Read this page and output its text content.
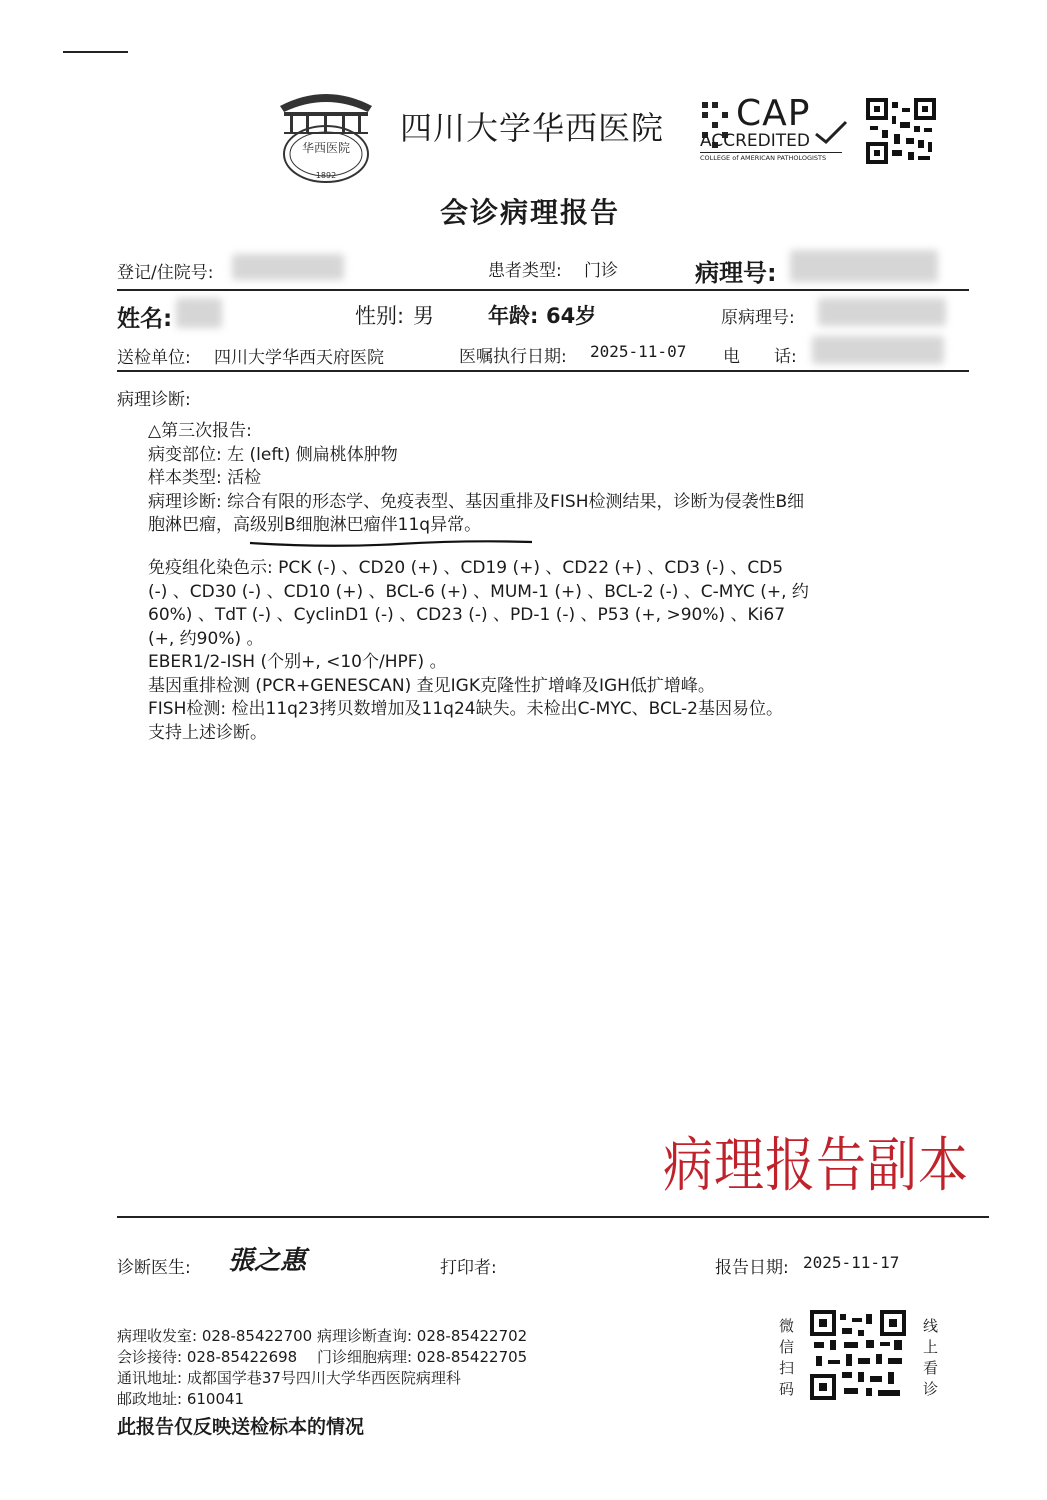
华西医院
1892
四川大学华西医院 CAP
ACCREDITED
COLLEGE of AMERICAN PATHOLOGISTS
会诊病理报告
登记/住院号:	患者类型: 门诊	病理号:
姓名:	性别: 男	年龄: 64岁	原病理号:
送检单位: 四川大学华西天府医院	医嘱执行日期: 2025-11-07 电　　话:
病理诊断:
△第三次报告:
病变部位: 左 (left) 侧扁桃体肿物
样本类型: 活检
病理诊断: 综合有限的形态学、免疫表型、基因重排及FISH检测结果，诊断为侵袭性B细
胞淋巴瘤，高级别B细胞淋巴瘤伴11q异常。
免疫组化染色示: PCK (-) 、CD20 (+) 、CD19 (+) 、CD22 (+) 、CD3 (-) 、CD5
(-) 、CD30 (-) 、CD10 (+) 、BCL-6 (+) 、MUM-1 (+) 、BCL-2 (-) 、C-MYC (+, 约
60%) 、TdT (-) 、CyclinD1 (-) 、CD23 (-) 、PD-1 (-) 、P53 (+, >90%) 、Ki67
(+, 约90%) 。
EBER1/2-ISH (个别+, <10个/HPF) 。
基因重排检测 (PCR+GENESCAN) 查见IGK克隆性扩增峰及IGH低扩增峰。
FISH检测: 检出11q23拷贝数增加及11q24缺失。未检出C-MYC、BCL-2基因易位。
支持上述诊断。
病理报告副本
诊断医生: 張之惠	打印者:	报告日期: 2025-11-17
病理收发室: 028-85422700 病理诊断查询: 028-85422702
会诊接待: 028-85422698　 门诊细胞病理: 028-85422705
通讯地址: 成都国学巷37号四川大学华西医院病理科
邮政地址: 610041	微信扫码	线上看诊
此报告仅反映送检标本的情况
